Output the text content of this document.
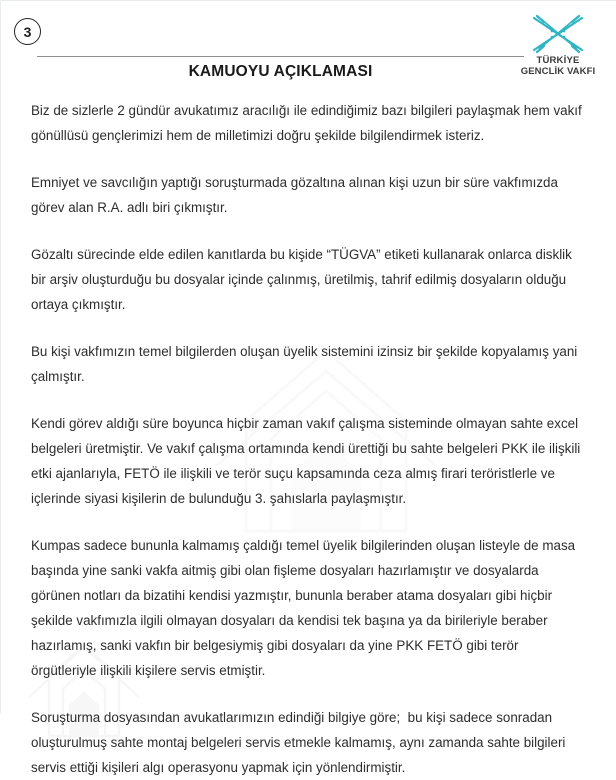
3
KAMUOYU AÇIKLAMASI
TÜRKİYE
GENCLİK VAKFI

Biz de sizlerle 2 gündür avukatımız aracılığı ile edindiğimiz bazı bilgileri paylaşmak hem vakıf gönüllüsü gençlerimizi hem de milletimizi doğru şekilde bilgilendirmek isteriz.

Emniyet ve savcılığın yaptığı soruşturmada gözaltına alınan kişi uzun bir süre vakfımızda görev alan R.A. adlı biri çıkmıştır.

Gözaltı sürecinde elde edilen kanıtlarda bu kişide “TÜGVA” etiketi kullanarak onlarca disklik bir arşiv oluşturduğu bu dosyalar içinde çalınmış, üretilmiş, tahrif edilmiş dosyaların olduğu ortaya çıkmıştır.

Bu kişi vakfımızın temel bilgilerden oluşan üyelik sistemini izinsiz bir şekilde kopyalamış yani çalmıştır.

Kendi görev aldığı süre boyunca hiçbir zaman vakıf çalışma sisteminde olmayan sahte excel belgeleri üretmiştir. Ve vakıf çalışma ortamında kendi ürettiği bu sahte belgeleri PKK ile ilişkili etki ajanlarıyla, FETÖ ile ilişkili ve terör suçu kapsamında ceza almış firari teröristlerle ve içlerinde siyasi kişilerin de bulunduğu 3. şahıslarla paylaşmıştır.

Kumpas sadece bununla kalmamış çaldığı temel üyelik bilgilerinden oluşan listeyle de masa başında yine sanki vakfa aitmiş gibi olan fişleme dosyaları hazırlamıştır ve dosyalarda görünen notları da bizatihi kendisi yazmıştır, bununla beraber atama dosyaları gibi hiçbir şekilde vakfımızla ilgili olmayan dosyaları da kendisi tek başına ya da birileriyle beraber hazırlamış, sanki vakfın bir belgesiymiş gibi dosyaları da yine PKK FETÖ gibi terör örgütleriyle ilişkili kişilere servis etmiştir.

Soruşturma dosyasından avukatlarımızın edindiği bilgiye göre;  bu kişi sadece sonradan oluşturulmuş sahte montaj belgeleri servis etmekle kalmamış, aynı zamanda sahte bilgileri servis ettiği kişileri algı operasyonu yapmak için yönlendirmiştir.
